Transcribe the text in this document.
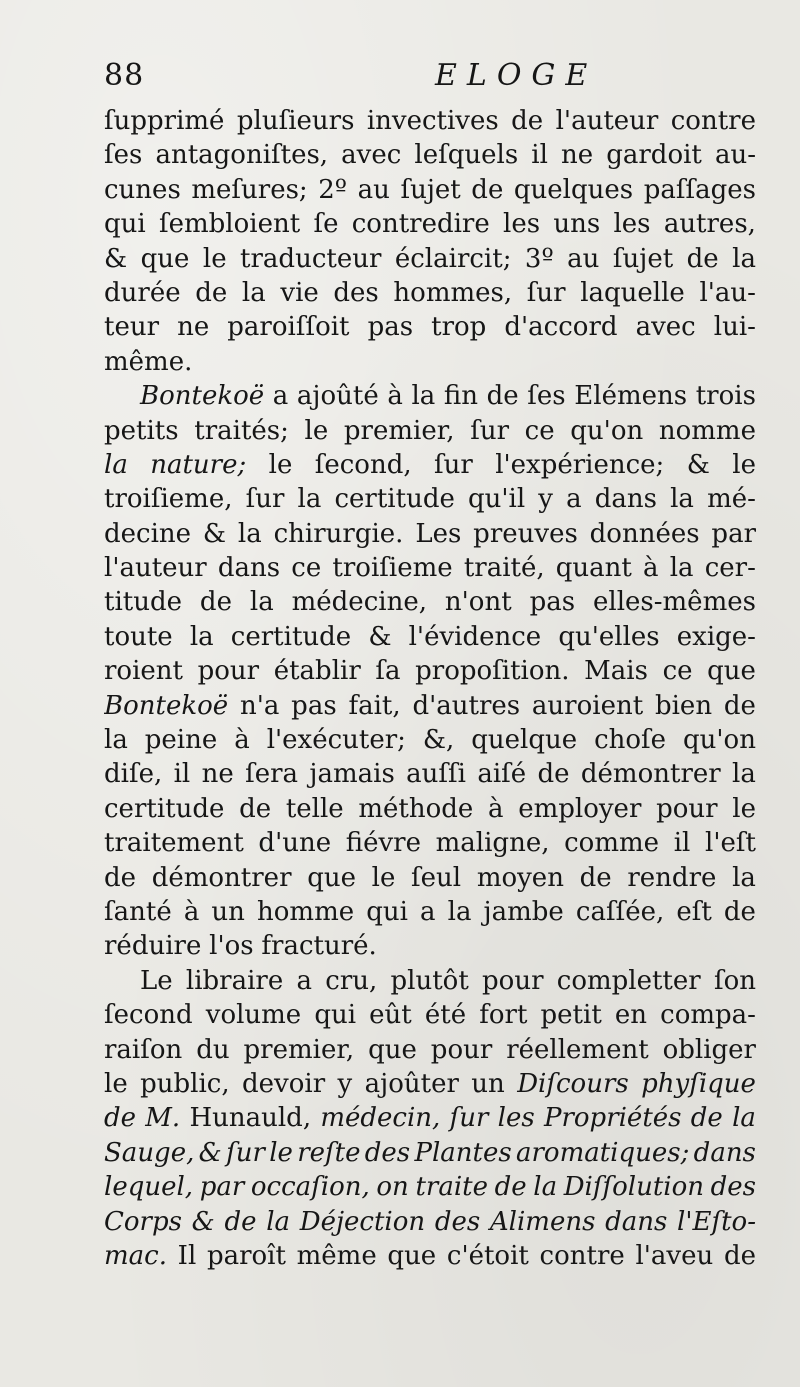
88	ELOGE
ſupprimé pluſieurs invectives de l'auteur contre
ſes antagoniſtes, avec leſquels il ne gardoit au-
cunes meſures; 2º au ſujet de quelques paſſages
qui ſembloient ſe contredire les uns les autres,
& que le traducteur éclaircit; 3º au ſujet de la
durée de la vie des hommes, ſur laquelle l'au-
teur ne paroiſſoit pas trop d'accord avec lui-
même.
Bontekoë a ajoûté à la fin de ſes Elémens trois
petits traités; le premier, ſur ce qu'on nomme
la nature; le ſecond, ſur l'expérience; & le
troiſieme, ſur la certitude qu'il y a dans la mé-
decine & la chirurgie. Les preuves données par
l'auteur dans ce troiſieme traité, quant à la cer-
titude de la médecine, n'ont pas elles-mêmes
toute la certitude & l'évidence qu'elles exige-
roient pour établir ſa propoſition. Mais ce que
Bontekoë n'a pas fait, d'autres auroient bien de
la peine à l'exécuter; &, quelque choſe qu'on
diſe, il ne ſera jamais auſſi aiſé de démontrer la
certitude de telle méthode à employer pour le
traitement d'une fiévre maligne, comme il l'eſt
de démontrer que le ſeul moyen de rendre la
ſanté à un homme qui a la jambe caſſée, eſt de
réduire l'os fracturé.
Le libraire a cru, plutôt pour completter ſon
ſecond volume qui eût été fort petit en compa-
raiſon du premier, que pour réellement obliger
le public, devoir y ajoûter un Diſcours phyſique
de M. Hunauld, médecin, ſur les Propriétés de la
Sauge, & ſur le reſte des Plantes aromatiques; dans
lequel, par occaſion, on traite de la Diſſolution des
Corps & de la Déjection des Alimens dans l'Eſto-
mac. Il paroît même que c'étoit contre l'aveu de
